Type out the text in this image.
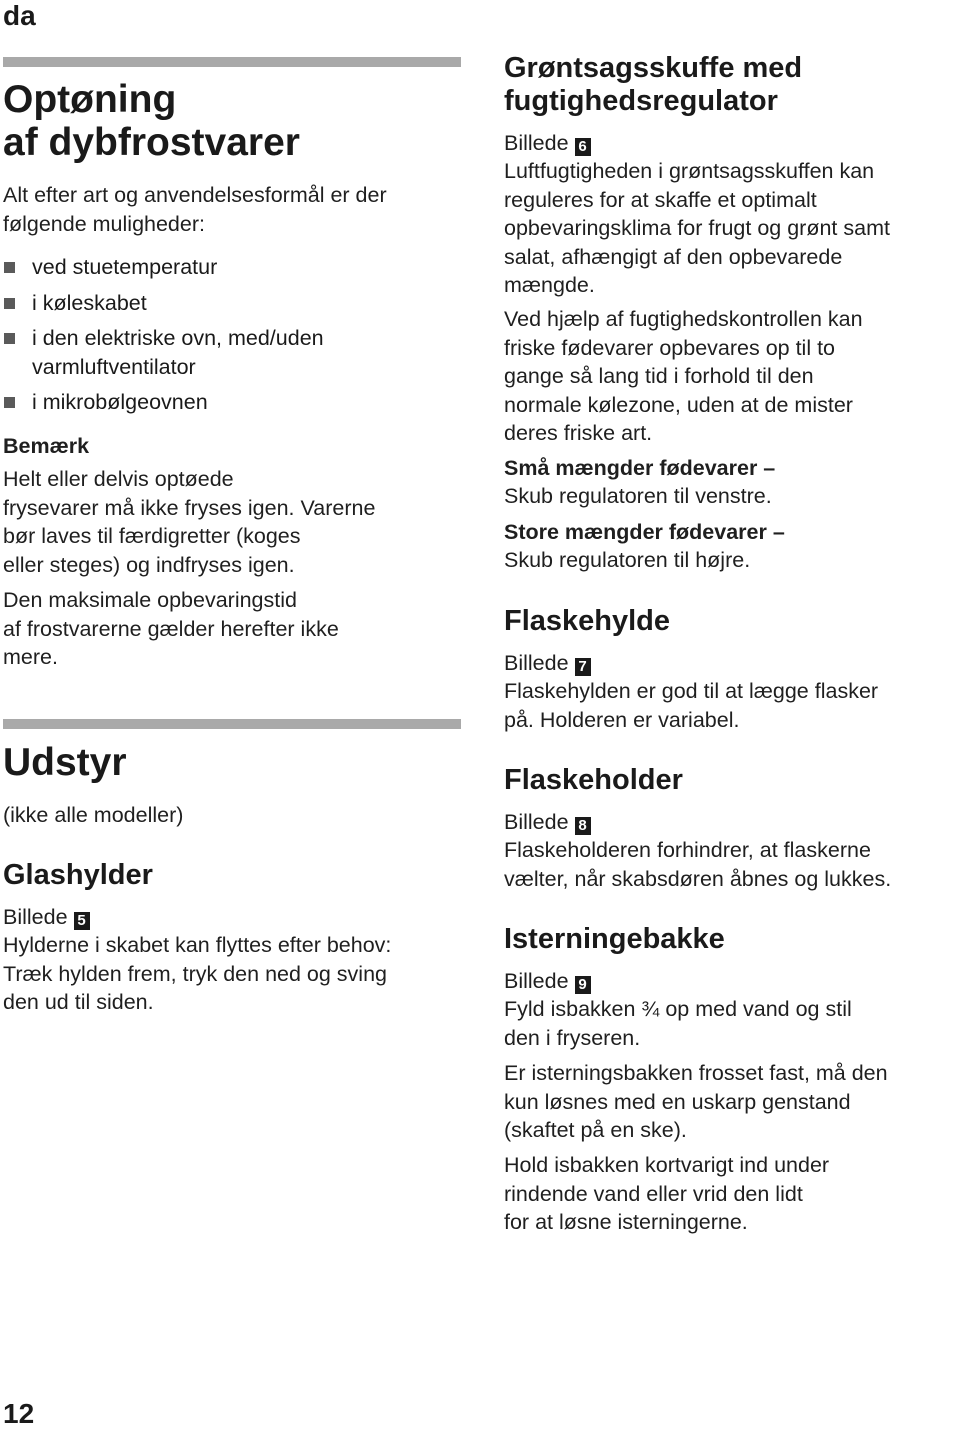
da
Optøning
af dybfrostvarer

Alt efter art og anvendelsesformål er der
følgende muligheder:

ved stuetemperatur
i køleskabet
i den elektriske ovn, med/uden
varmluftventilator
i mikrobølgeovnen

Bemærk

Helt eller delvis optøede
frysevarer må ikke fryses igen. Varerne
bør laves til færdigretter (koges
eller steges) og indfryses igen.

Den maksimale opbevaringstid
af frostvarerne gælder herefter ikke
mere.

Udstyr

(ikke alle modeller)

Glashylder

Billede 5

Hylderne i skabet kan flyttes efter behov:
Træk hylden frem, tryk den ned og sving
den ud til siden.

Grøntsagsskuffe med
fugtighedsregulator

Billede 6

Luftfugtigheden i grøntsagsskuffen kan
reguleres for at skaffe et optimalt
opbevaringsklima for frugt og grønt samt
salat, afhængigt af den opbevarede
mængde.

Ved hjælp af fugtighedskontrollen kan
friske fødevarer opbevares op til to
gange så lang tid i forhold til den
normale kølezone, uden at de mister
deres friske art.

Små mængder fødevarer –

Skub regulatoren til venstre.

Store mængder fødevarer –

Skub regulatoren til højre.

Flaskehylde

Billede 7

Flaskehylden er god til at lægge flasker
på. Holderen er variabel.

Flaskeholder

Billede 8

Flaskeholderen forhindrer, at flaskerne
vælter, når skabsdøren åbnes og lukkes.

Isterningebakke

Billede 9

Fyld isbakken ¾ op med vand og stil
den i fryseren.

Er isterningsbakken frosset fast, må den
kun løsnes med en uskarp genstand
(skaftet på en ske).

Hold isbakken kortvarigt ind under
rindende vand eller vrid den lidt
for at løsne isterningerne.

12
